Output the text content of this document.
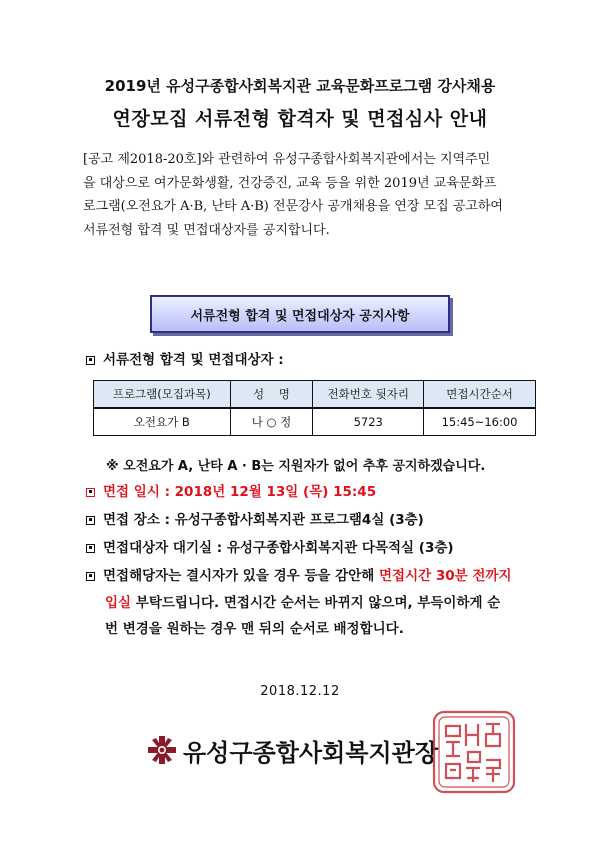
2019년 유성구종합사회복지관 교육문화프로그램 강사채용
연장모집 서류전형 합격자 및 면접심사 안내
[공고 제2018-20호]와 관련하여 유성구종합사회복지관에서는 지역주민
을 대상으로 여가문화생활, 건강증진, 교육 등을 위한 2019년 교육문화프
로그램(오전요가 A·B, 난타 A·B) 전문강사 공개채용을 연장 모집 공고하여
서류전형 합격 및 면접대상자를 공지합니다.
서류전형 합격 및 면접대상자 공지사항
서류전형 합격 및 면접대상자 :
프로그램(모집과목)	성    명	전화번호 뒷자리	면접시간순서
오전요가 B	나 ○ 정	5723	15:45~16:00
※ 오전요가 A, 난타 A · B는 지원자가 없어 추후 공지하겠습니다.
면접 일시 : 2018년 12월 13일 (목) 15:45
면접 장소 : 유성구종합사회복지관 프로그램4실 (3층)
면접대상자 대기실 : 유성구종합사회복지관 다목적실 (3층)
면접해당자는 결시자가 있을 경우 등을 감안해 면접시간 30분 전까지
입실 부탁드립니다. 면접시간 순서는 바뀌지 않으며, 부득이하게 순
번 변경을 원하는 경우 맨 뒤의 순서로 배정합니다.
2018.12.12
유성구종합사회복지관장
